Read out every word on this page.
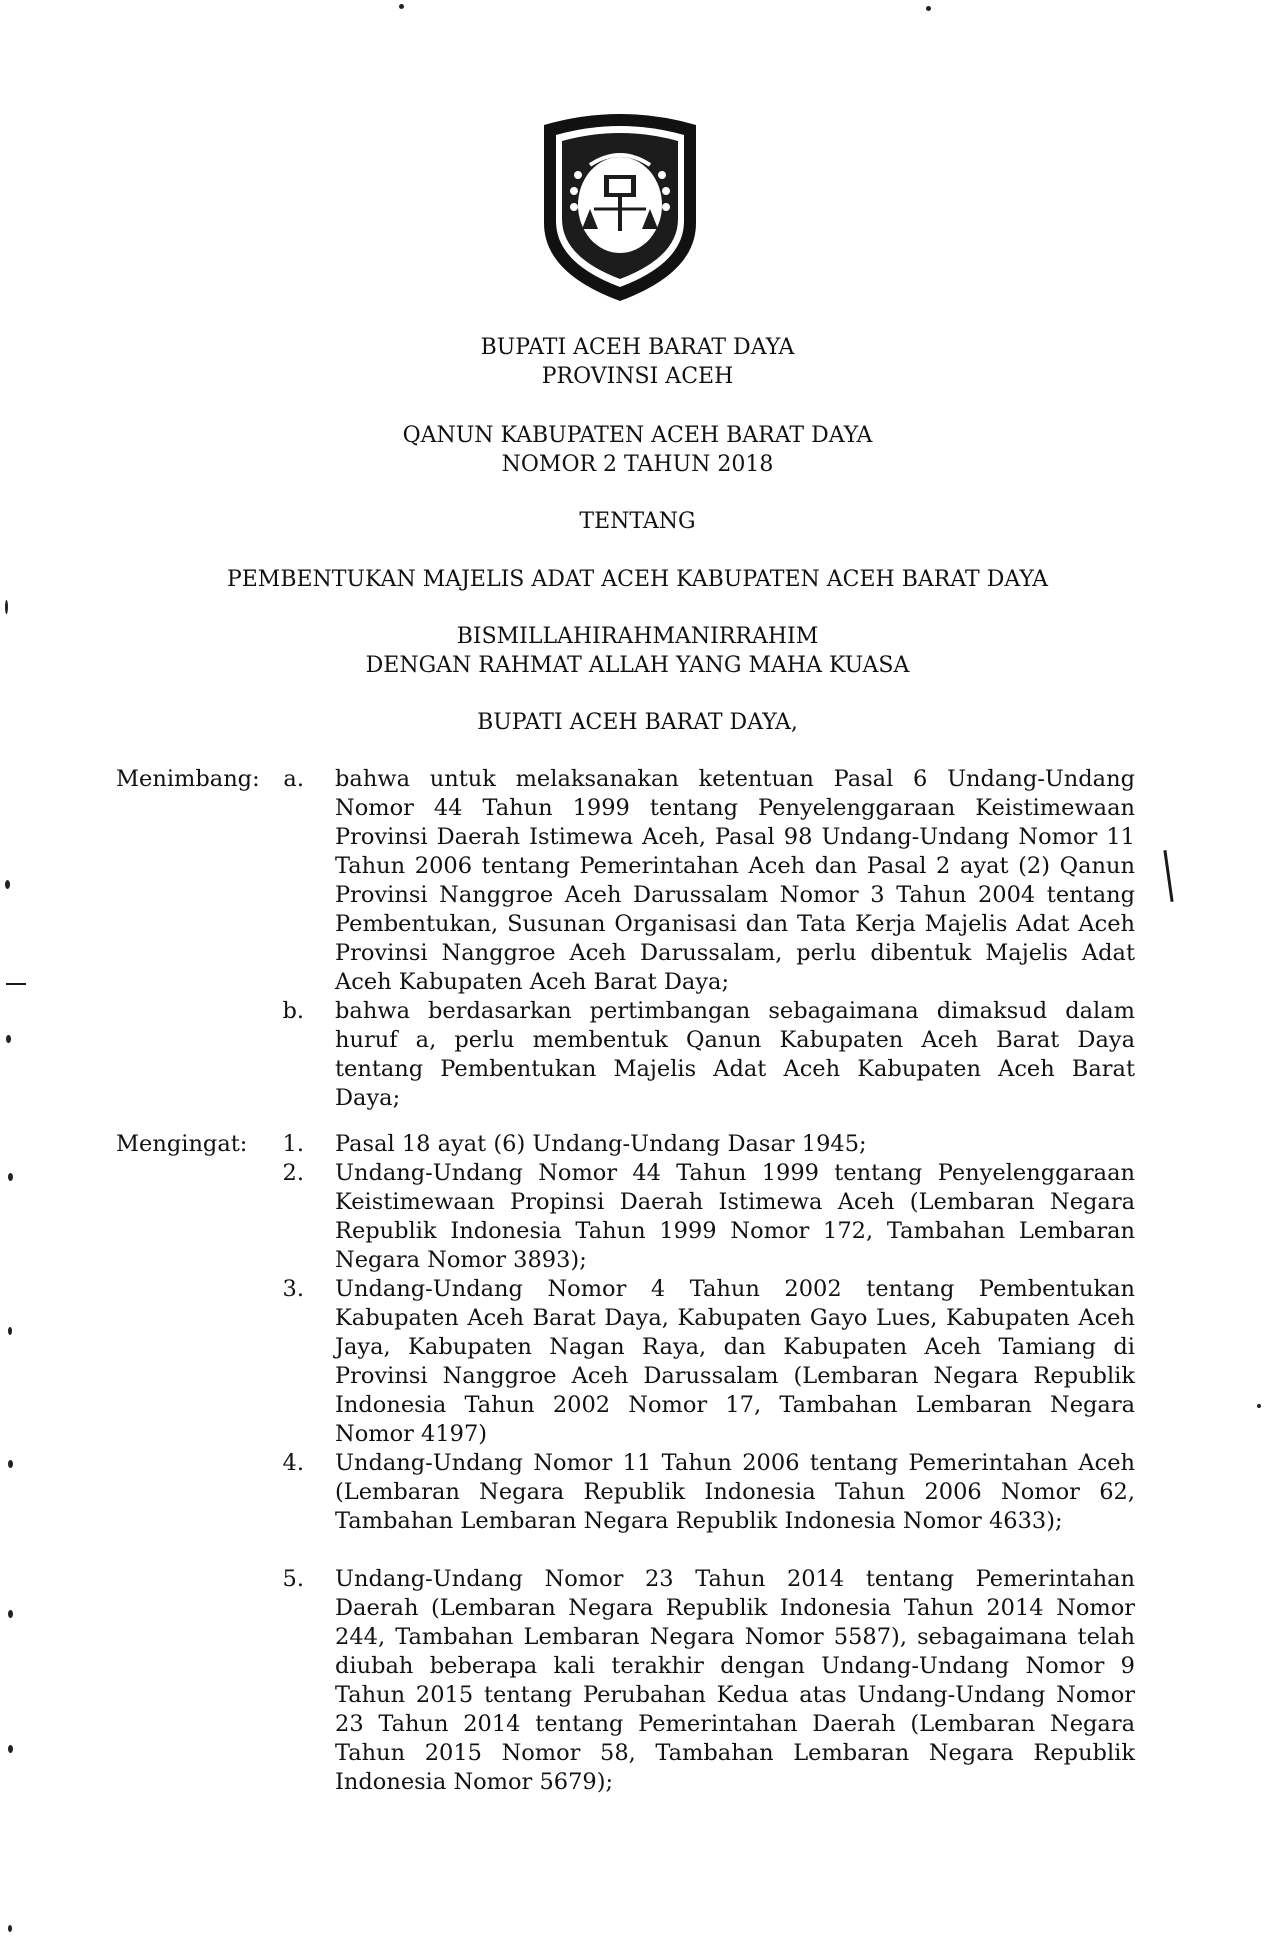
BUPATI ACEH BARAT DAYA
PROVINSI ACEH
QANUN KABUPATEN ACEH BARAT DAYA
NOMOR 2 TAHUN 2018
TENTANG
PEMBENTUKAN MAJELIS ADAT ACEH KABUPATEN ACEH BARAT DAYA
BISMILLAHIRAHMANIRRAHIM
DENGAN RAHMAT ALLAH YANG MAHA KUASA
BUPATI ACEH BARAT DAYA,
Menimbang:	a. bahwa untuk melaksanakan ketentuan Pasal 6 Undang-Undang Nomor 44 Tahun 1999 tentang Penyelenggaraan Keistimewaan Provinsi Daerah Istimewa Aceh, Pasal 98 Undang-Undang Nomor 11 Tahun 2006 tentang Pemerintahan Aceh dan Pasal 2 ayat (2) Qanun Provinsi Nanggroe Aceh Darussalam Nomor 3 Tahun 2004 tentang Pembentukan, Susunan Organisasi dan Tata Kerja Majelis Adat Aceh Provinsi Nanggroe Aceh Darussalam, perlu dibentuk Majelis Adat Aceh Kabupaten Aceh Barat Daya;
b. bahwa berdasarkan pertimbangan sebagaimana dimaksud dalam huruf a, perlu membentuk Qanun Kabupaten Aceh Barat Daya tentang Pembentukan Majelis Adat Aceh Kabupaten Aceh Barat Daya;
Mengingat:	1. Pasal 18 ayat (6) Undang-Undang Dasar 1945;
2. Undang-Undang Nomor 44 Tahun 1999 tentang Penyelenggaraan Keistimewaan Propinsi Daerah Istimewa Aceh (Lembaran Negara Republik Indonesia Tahun 1999 Nomor 172, Tambahan Lembaran Negara Nomor 3893);
3. Undang-Undang Nomor 4 Tahun 2002 tentang Pembentukan Kabupaten Aceh Barat Daya, Kabupaten Gayo Lues, Kabupaten Aceh Jaya, Kabupaten Nagan Raya, dan Kabupaten Aceh Tamiang di Provinsi Nanggroe Aceh Darussalam (Lembaran Negara Republik Indonesia Tahun 2002 Nomor 17, Tambahan Lembaran Negara Nomor 4197)
4. Undang-Undang Nomor 11 Tahun 2006 tentang Pemerintahan Aceh (Lembaran Negara Republik Indonesia Tahun 2006 Nomor 62, Tambahan Lembaran Negara Republik Indonesia Nomor 4633);
5. Undang-Undang Nomor 23 Tahun 2014 tentang Pemerintahan Daerah (Lembaran Negara Republik Indonesia Tahun 2014 Nomor 244, Tambahan Lembaran Negara Nomor 5587), sebagaimana telah diubah beberapa kali terakhir dengan Undang-Undang Nomor 9 Tahun 2015 tentang Perubahan Kedua atas Undang-Undang Nomor 23 Tahun 2014 tentang Pemerintahan Daerah (Lembaran Negara Tahun 2015 Nomor 58, Tambahan Lembaran Negara Republik Indonesia Nomor 5679);
